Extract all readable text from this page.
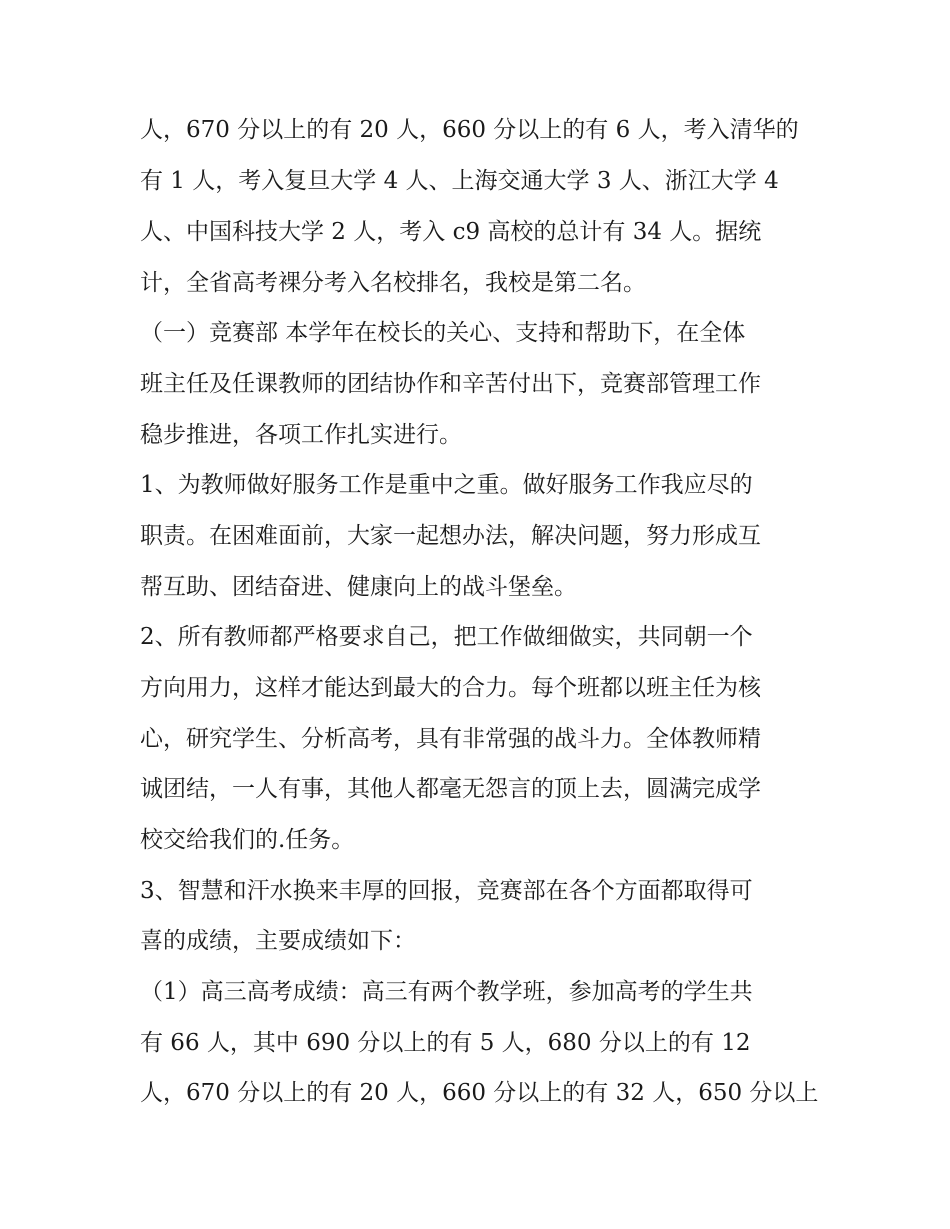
人，670 分以上的有 20 人，660 分以上的有 6 人，考入清华的
有 1 人，考入复旦大学 4 人、上海交通大学 3 人、浙江大学 4
人、中国科技大学 2 人，考入 c9 高校的总计有 34 人。据统
计，全省高考裸分考入名校排名，我校是第二名。
（一）竞赛部 本学年在校长的关心、支持和帮助下，在全体
班主任及任课教师的团结协作和辛苦付出下，竞赛部管理工作
稳步推进，各项工作扎实进行。
1、为教师做好服务工作是重中之重。做好服务工作我应尽的
职责。在困难面前，大家一起想办法，解决问题，努力形成互
帮互助、团结奋进、健康向上的战斗堡垒。
2、所有教师都严格要求自己，把工作做细做实，共同朝一个
方向用力，这样才能达到最大的合力。每个班都以班主任为核
心，研究学生、分析高考，具有非常强的战斗力。全体教师精
诚团结，一人有事，其他人都毫无怨言的顶上去，圆满完成学
校交给我们的.任务。
3、智慧和汗水换来丰厚的回报，竞赛部在各个方面都取得可
喜的成绩，主要成绩如下：
（1）高三高考成绩：高三有两个教学班，参加高考的学生共
有 66 人，其中 690 分以上的有 5 人，680 分以上的有 12
人，670 分以上的有 20 人，660 分以上的有 32 人，650 分以上
